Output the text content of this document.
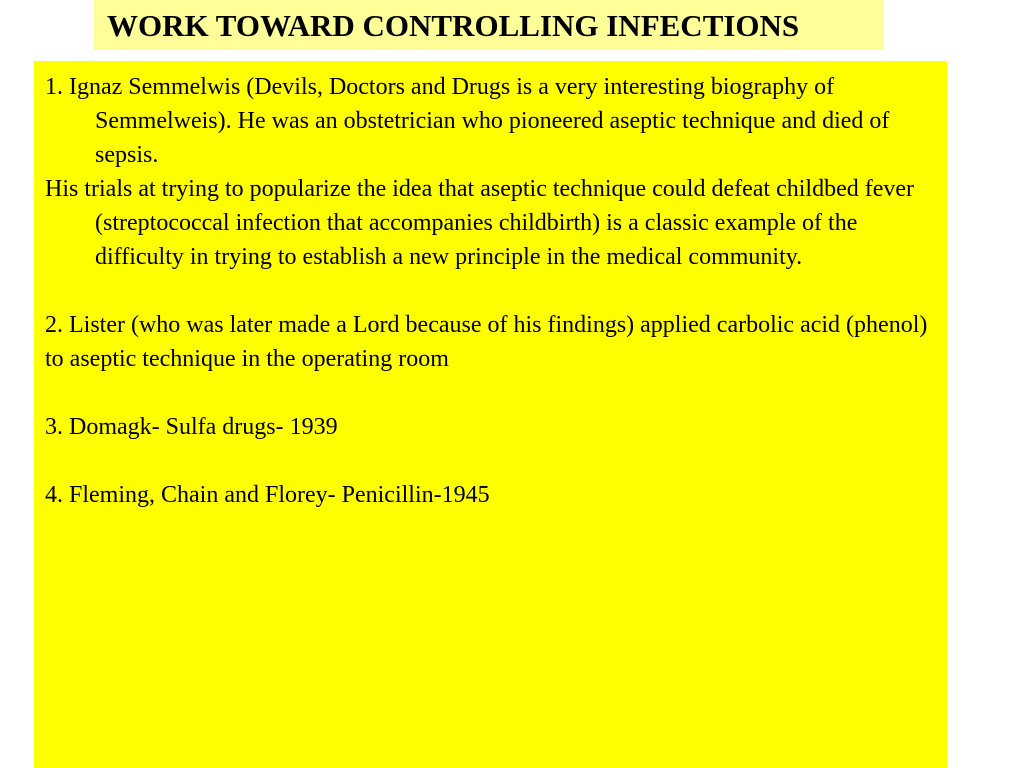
WORK TOWARD CONTROLLING INFECTIONS

1. Ignaz Semmelwis (Devils, Doctors and Drugs is a very interesting biography of Semmelweis). He was an obstetrician who pioneered aseptic technique and died of sepsis.

His trials at trying to popularize the idea that aseptic technique could defeat childbed fever (streptococcal infection that accompanies childbirth) is a classic example of the difficulty in trying to establish a new principle in the medical community.

2. Lister (who was later made a Lord because of his findings) applied carbolic acid (phenol) to aseptic technique in the operating room

3. Domagk- Sulfa drugs- 1939

4. Fleming, Chain and Florey- Penicillin-1945
